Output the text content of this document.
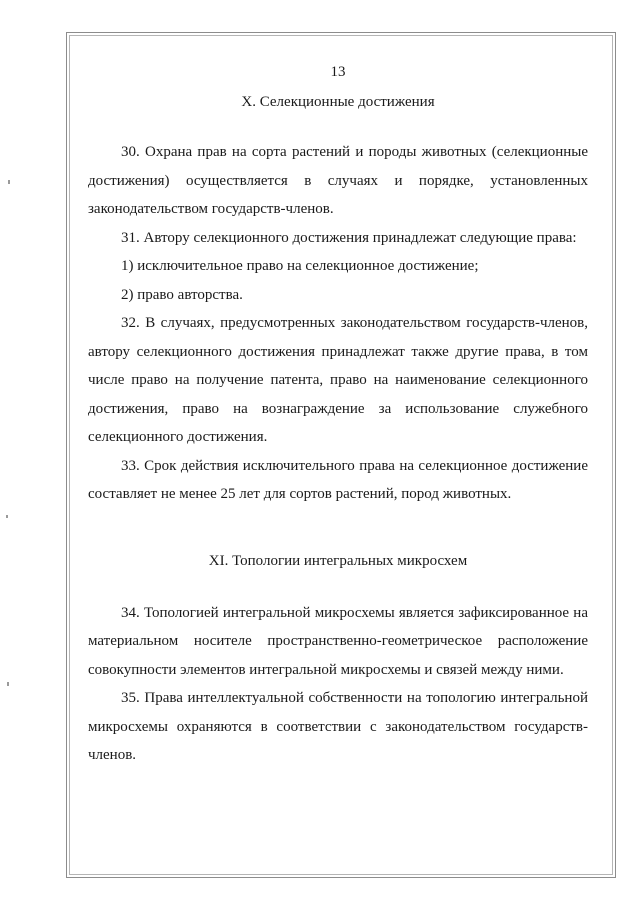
13

X. Селекционные достижения

30. Охрана прав на сорта растений и породы животных (селекционные достижения) осуществляется в случаях и порядке, установленных законодательством государств-членов.

31. Автору селекционного достижения принадлежат следующие права:

1) исключительное право на селекционное достижение;

2) право авторства.

32. В случаях, предусмотренных законодательством государств-членов, автору селекционного достижения принадлежат также другие права, в том числе право на получение патента, право на наименование селекционного достижения, право на вознаграждение за использование служебного селекционного достижения.

33. Срок действия исключительного права на селекционное достижение составляет не менее 25 лет для сортов растений, пород животных.

XI. Топологии интегральных микросхем

34. Топологией интегральной микросхемы является зафиксированное на материальном носителе пространственно-геометрическое расположение совокупности элементов интегральной микросхемы и связей между ними.

35. Права интеллектуальной собственности на топологию интегральной микросхемы охраняются в соответствии с законодательством государств-членов.
